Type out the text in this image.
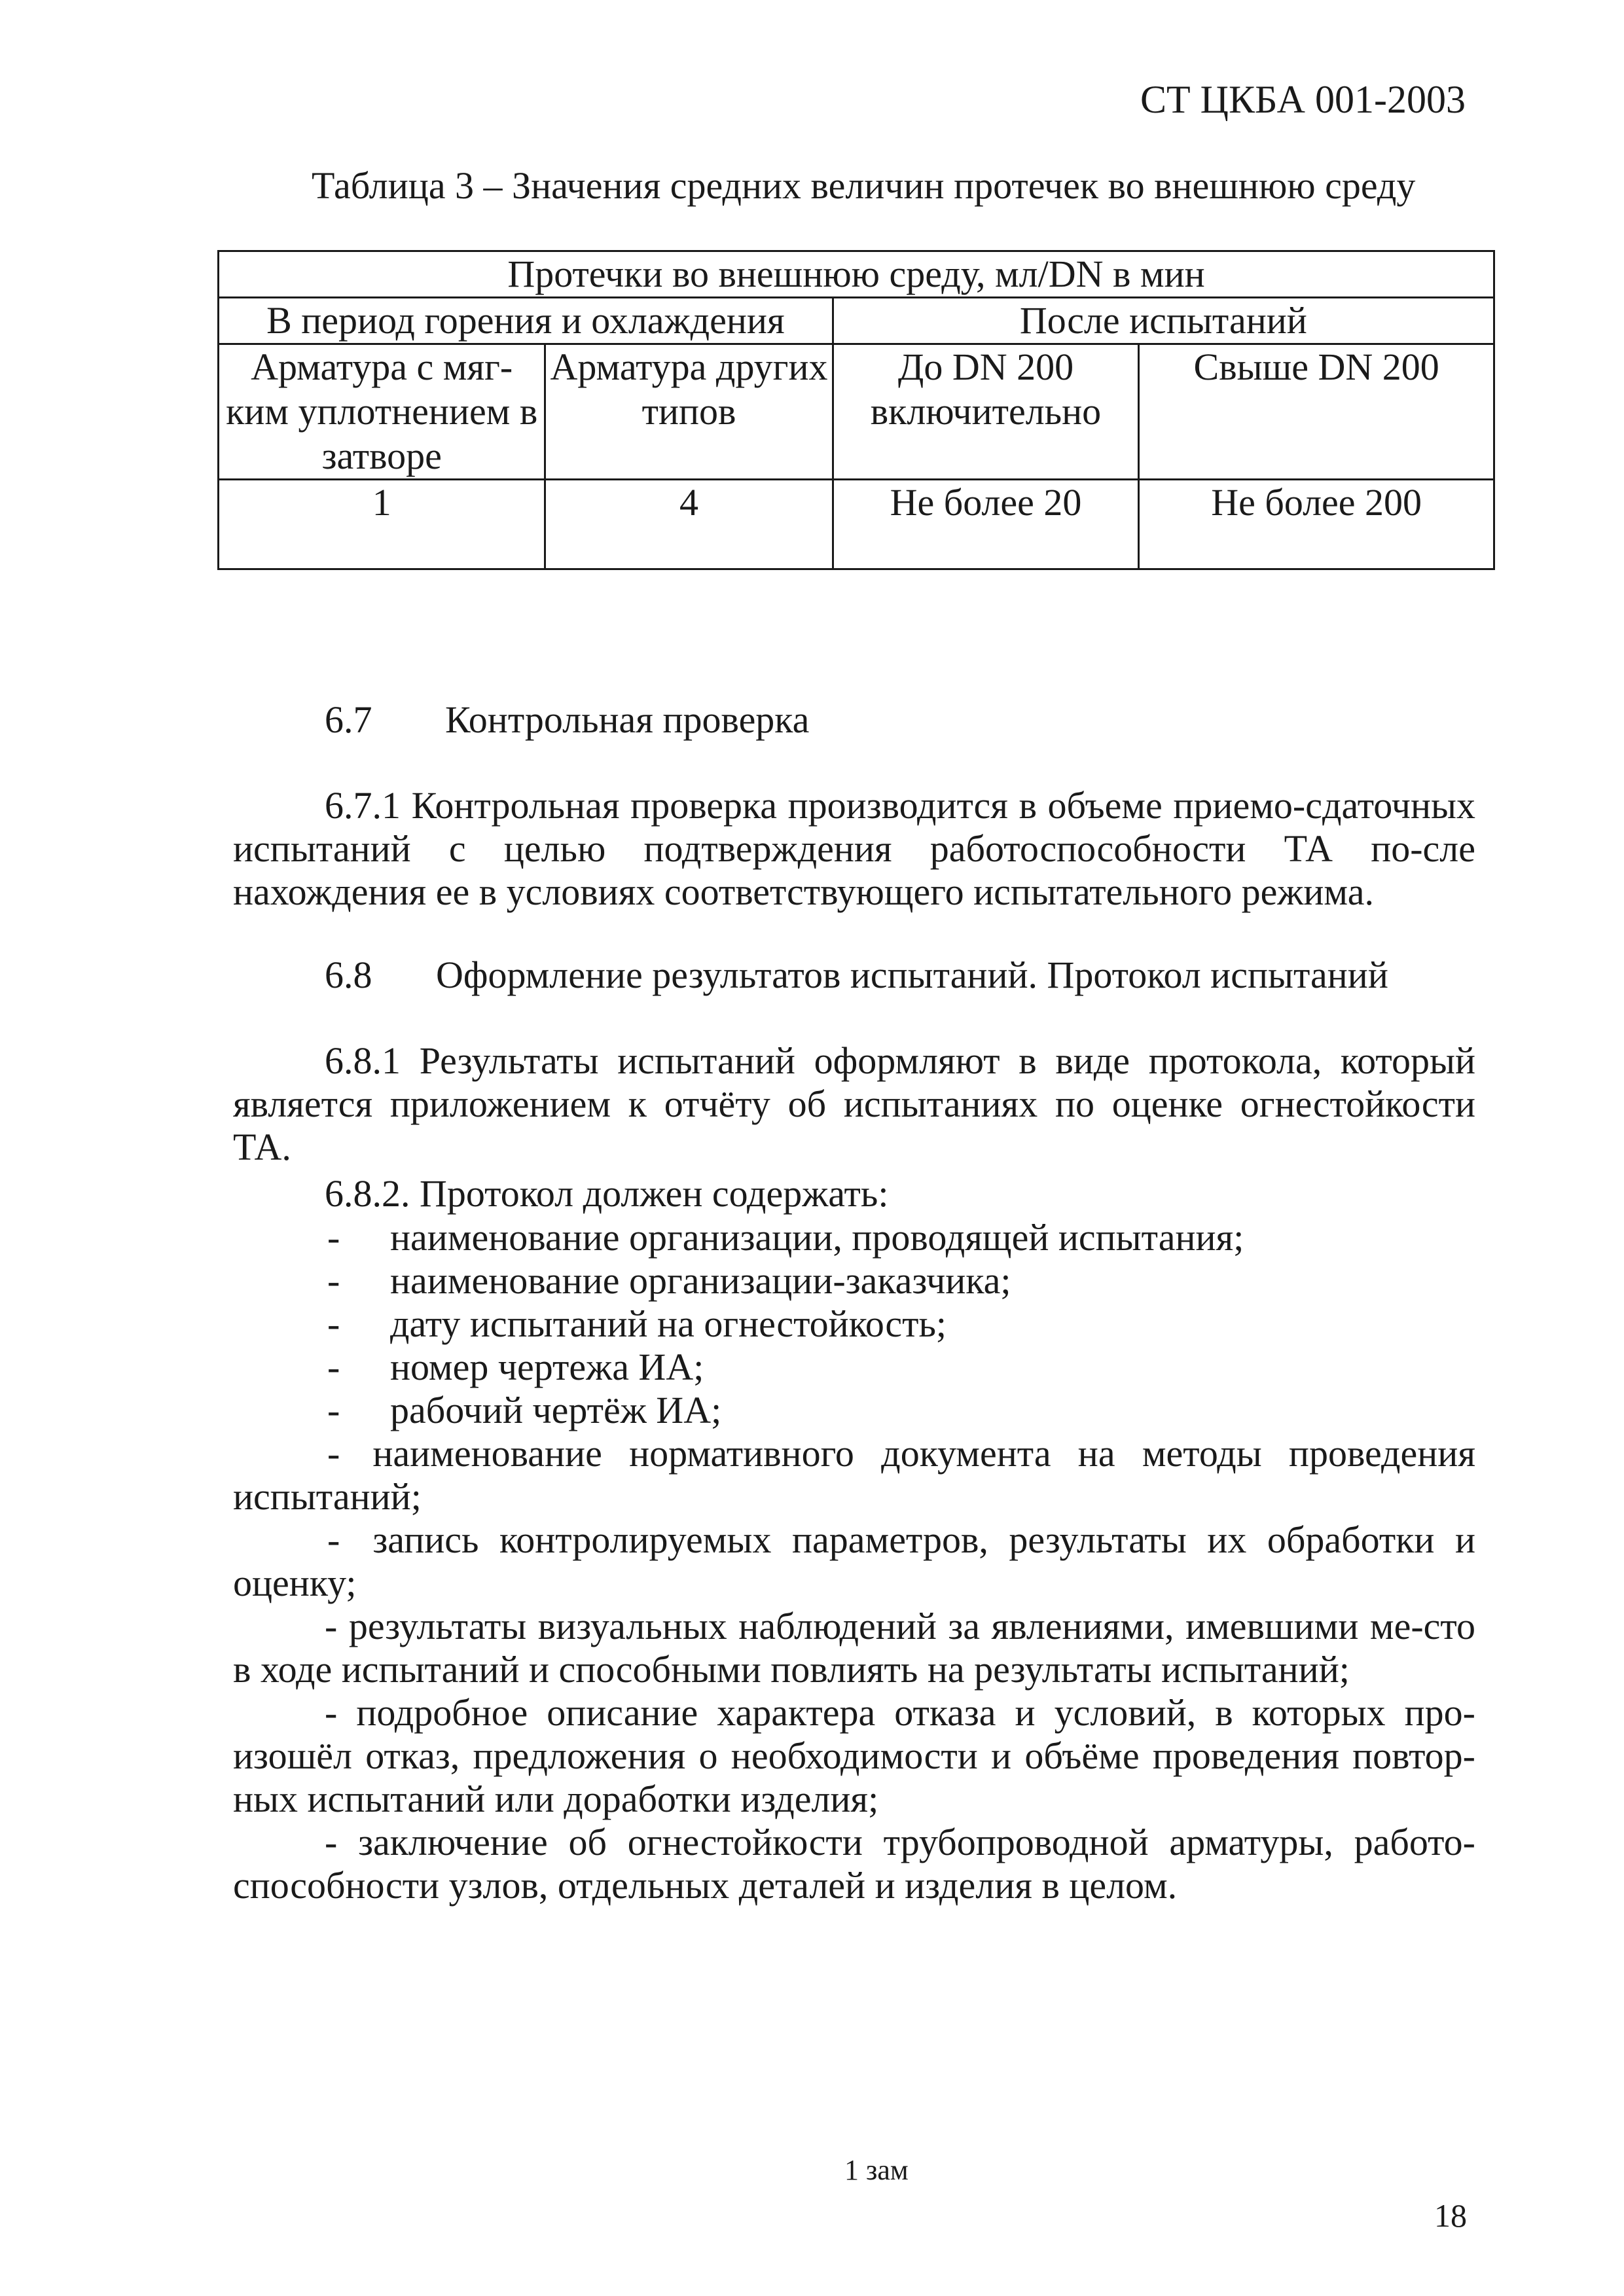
СТ ЦКБА 001-2003
Таблица 3 – Значения средних величин протечек во внешнюю среду
Протечки во внешнюю среду, мл/DN в мин			
В период горения и охлаждения		После испытаний	
Арматура с мяг-ким уплотнением в затворе	Арматура других типов	До DN 200 включительно	Свыше DN 200
1	4	Не более 20	Не более 200
6.7 Контрольная проверка
6.7.1 Контрольная проверка производится в объеме приемо-сдаточных испытаний с целью подтверждения работоспособности ТА по-сле нахождения ее в условиях соответствующего испытательного режима.
6.8 Оформление результатов испытаний. Протокол испытаний
6.8.1 Результаты испытаний оформляют в виде протокола, который является приложением к отчёту об испытаниях по оценке огнестойкости ТА.
6.8.2. Протокол должен содержать:
- наименование организации, проводящей испытания;
- наименование организации-заказчика;
- дату испытаний на огнестойкость;
- номер чертежа ИА;
- рабочий чертёж ИА;
- наименование нормативного документа на методы проведения испытаний;
- запись контролируемых параметров, результаты их обработки и оценку;
- результаты визуальных наблюдений за явлениями, имевшими ме-сто в ходе испытаний и способными повлиять на результаты испытаний;
- подробное описание характера отказа и условий, в которых про-изошёл отказ, предложения о необходимости и объёме проведения повтор-ных испытаний или доработки изделия;
- заключение об огнестойкости трубопроводной арматуры, работо-способности узлов, отдельных деталей и изделия в целом.
1 зам
18
